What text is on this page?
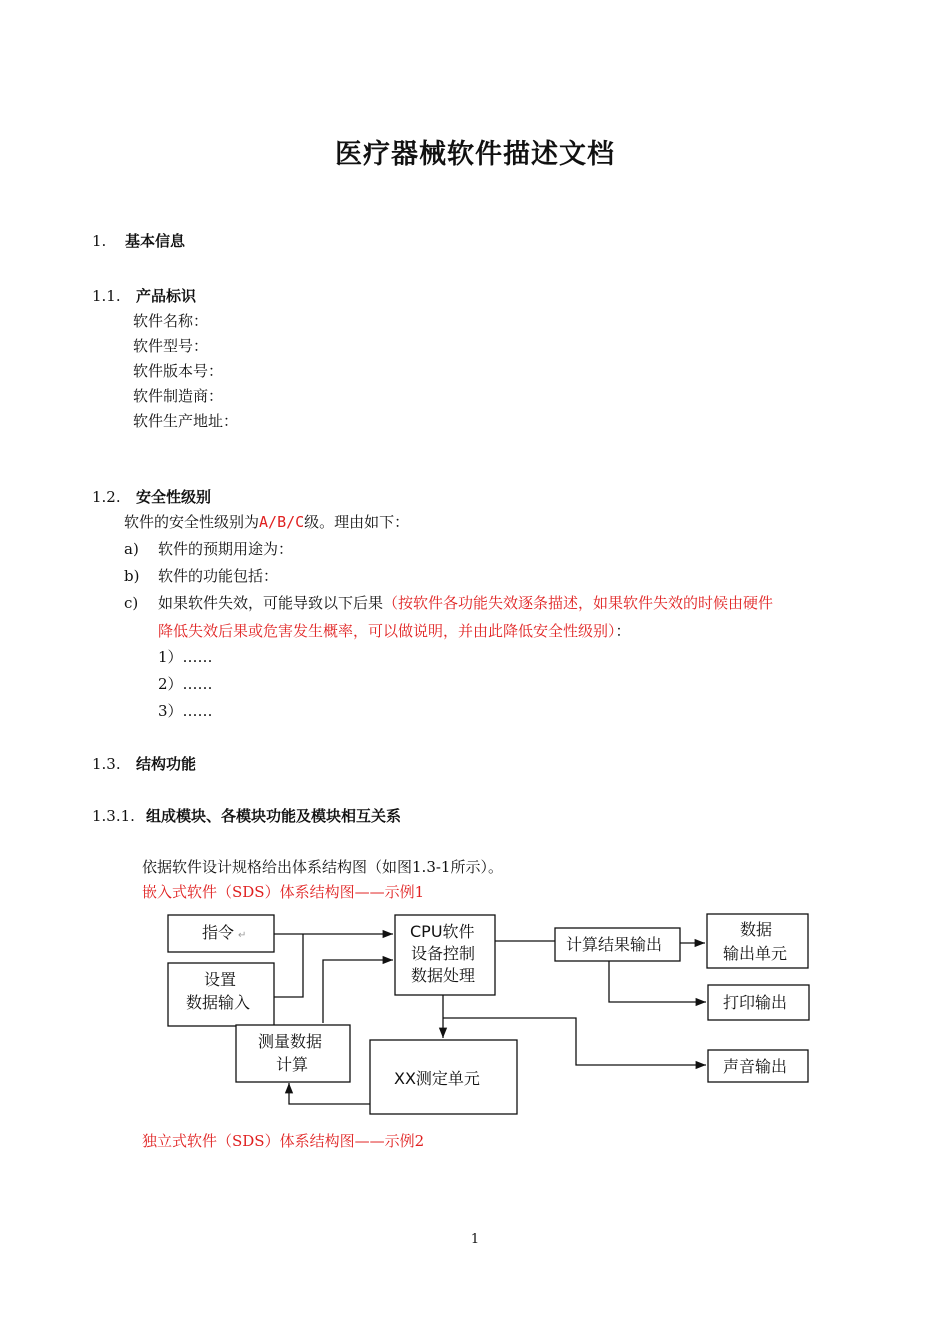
医疗器械软件描述文档
1. 基本信息
1.1. 产品标识
软件名称：
软件型号：
软件版本号：
软件制造商：
软件生产地址：
1.2. 安全性级别
软件的安全性级别为A/B/C级。理由如下：
a) 软件的预期用途为：
b) 软件的功能包括：
c) 如果软件失效，可能导致以下后果（按软件各功能失效逐条描述，如果软件失效的时候由硬件
降低失效后果或危害发生概率，可以做说明，并由此降低安全性级别）：
1）……
2）……
3）……
1.3. 结构功能
1.3.1. 组成模块、各模块功能及模块相互关系
依据软件设计规格给出体系结构图（如图1.3-1所示）。
嵌入式软件（SDS）体系结构图——示例1
指令 ↵
设置
数据输入
CPU软件
设备控制
数据处理
计算结果输出
数据
输出单元
打印输出
测量数据
计算
XX测定单元
声音输出
独立式软件（SDS）体系结构图——示例2
1
